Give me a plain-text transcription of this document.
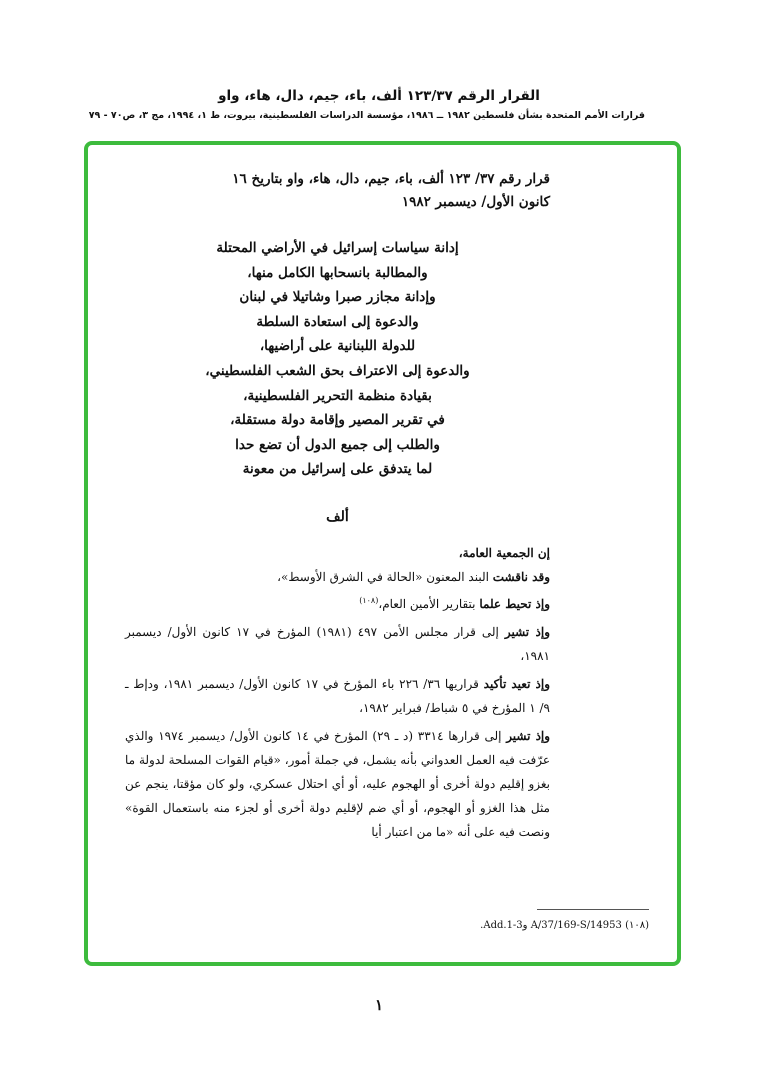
القرار الرقم ١٢٣/٣٧ ألف، باء، جيم، دال، هاء، واو
قرارات الأمم المتحدة بشأن فلسطين ١٩٨٢ ــ ١٩٨٦، مؤسسة الدراسات الفلسطينية، بيروت، ط ١، ١٩٩٤، مج ٣، ص٧٠ - ٧٩
قرار رقم ٣٧/ ١٢٣ ألف، باء، جيم، دال، هاء، واو بتاريخ ١٦
كانون الأول/ ديسمبر ١٩٨٢
إدانة سياسات إسرائيل في الأراضي المحتلة
والمطالبة بانسحابها الكامل منها،
وإدانة مجازر صبرا وشاتيلا في لبنان
والدعوة إلى استعادة السلطة
للدولة اللبنانية على أراضيها،
والدعوة إلى الاعتراف بحق الشعب الفلسطيني،
بقيادة منظمة التحرير الفلسطينية،
في تقرير المصير وإقامة دولة مستقلة،
والطلب إلى جميع الدول أن تضع حدا
لما يتدفق على إسرائيل من معونة
ألف

إن الجمعية العامة،

وقد ناقشت البند المعنون «الحالة في الشرق الأوسط»،

وإذ تحيط علما بتقارير الأمين العام،$^{(١٠٨)}$

وإذ تشير إلى قرار مجلس الأمن ٤٩٧ (١٩٨١) المؤرخ في ١٧ كانون الأول/ ديسمبر ١٩٨١،

وإذ تعيد تأكيد قراريها ٣٦/ ٢٢٦ باء المؤرخ في ١٧ كانون الأول/ ديسمبر ١٩٨١، ودإط ـ ٩/ ١ المؤرخ في ٥ شباط/ فبراير ١٩٨٢،

وإذ تشير إلى قرارها ٣٣١٤ (د ـ ٢٩) المؤرخ في ١٤ كانون الأول/ ديسمبر ١٩٧٤ والذي عرّفت فيه العمل العدواني بأنه يشمل، في جملة أمور، «قيام القوات المسلحة لدولة ما بغزو إقليم دولة أخرى أو الهجوم عليه، أو أي احتلال عسكري، ولو كان مؤقتا، ينجم عن مثل هذا الغزو أو الهجوم، أو أي ضم لإقليم دولة أخرى أو لجزء منه باستعمال القوة» ونصت فيه على أنه «ما من اعتبار أيا

(١٠٨) A/37/169-S/14953 وAdd.1-3.
١
